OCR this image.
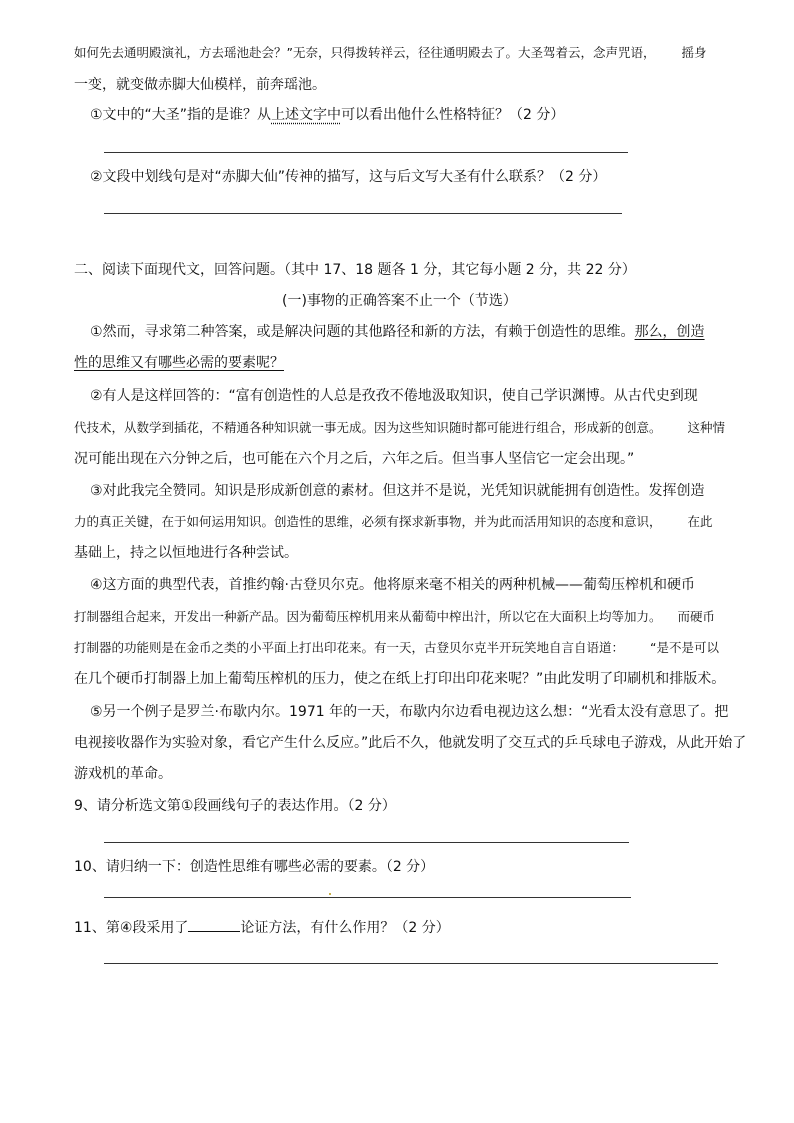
如何先去通明殿演礼，方去瑶池赴会？”无奈，只得拨转祥云，径往通明殿去了。大圣驾着云，念声咒语， 摇身
一变，就变做赤脚大仙模样，前奔瑶池。
①文中的“大圣”指的是谁？从上述文字中可以看出他什么性格特征？（2 分）
②文段中划线句是对“赤脚大仙”传神的描写，这与后文写大圣有什么联系？（2 分）
二、阅读下面现代文，回答问题。（其中 17、18 题各 1 分，其它每小题 2 分，共 22 分）
(一)事物的正确答案不止一个（节选）
①然而，寻求第二种答案，或是解决问题的其他路径和新的方法，有赖于创造性的思维。那么，创造
性的思维又有哪些必需的要素呢？
②有人是这样回答的：“富有创造性的人总是孜孜不倦地汲取知识，使自己学识渊博。从古代史到现
代技术，从数学到插花，不精通各种知识就一事无成。因为这些知识随时都可能进行组合，形成新的创意。 这种情
况可能出现在六分钟之后，也可能在六个月之后，六年之后。但当事人坚信它一定会出现。”
③对此我完全赞同。知识是形成新创意的素材。但这并不是说，光凭知识就能拥有创造性。发挥创造
力的真正关键，在于如何运用知识。创造性的思维，必须有探求新事物，并为此而活用知识的态度和意识， 在此
基础上，持之以恒地进行各种尝试。
④这方面的典型代表，首推约翰·古登贝尔克。他将原来毫不相关的两种机械——葡萄压榨机和硬币
打制器组合起来，开发出一种新产品。因为葡萄压榨机用来从葡萄中榨出汁，所以它在大面积上均等加力。 而硬币
打制器的功能则是在金币之类的小平面上打出印花来。有一天，古登贝尔克半开玩笑地自言自语道： “是不是可以
在几个硬币打制器上加上葡萄压榨机的压力，使之在纸上打印出印花来呢？”由此发明了印刷机和排版术。
⑤另一个例子是罗兰·布歇内尔。1971 年的一天，布歇内尔边看电视边这么想：“光看太没有意思了。把
电视接收器作为实验对象，看它产生什么反应。”此后不久，他就发明了交互式的乒乓球电子游戏，从此开始了
游戏机的革命。
9、请分析选文第①段画线句子的表达作用。（2 分）
10、请归纳一下：创造性思维有哪些必需的要素。（2 分）
11、第④段采用了	论证方法，有什么作用？（2 分）
